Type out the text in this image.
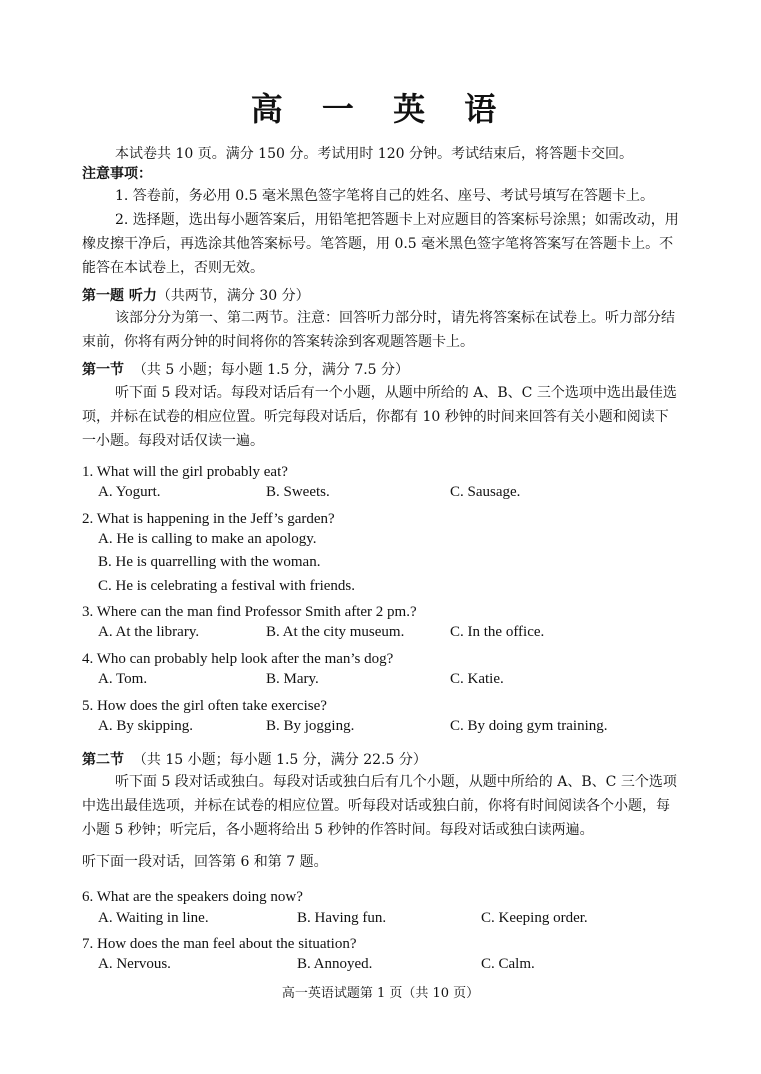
高 一 英 语
本试卷共 10 页。满分 150 分。考试用时 120 分钟。考试结束后，将答题卡交回。
注意事项：
1. 答卷前，务必用 0.5 毫米黑色签字笔将自己的姓名、座号、考试号填写在答题卡上。
2. 选择题，选出每小题答案后，用铅笔把答题卡上对应题目的答案标号涂黑；如需改动，用橡皮擦干净后，再选涂其他答案标号。笔答题，用 0.5 毫米黑色签字笔将答案写在答题卡上。不能答在本试卷上，否则无效。
第一题 听力（共两节，满分 30 分）
该部分分为第一、第二两节。注意：回答听力部分时，请先将答案标在试卷上。听力部分结束前，你将有两分钟的时间将你的答案转涂到客观题答题卡上。
第一节 （共 5 小题；每小题 1.5 分，满分 7.5 分）
听下面 5 段对话。每段对话后有一个小题，从题中所给的 A、B、C 三个选项中选出最佳选项，并标在试卷的相应位置。听完每段对话后，你都有 10 秒钟的时间来回答有关小题和阅读下一小题。每段对话仅读一遍。
1. What will the girl probably eat?
A. Yogurt.	B. Sweets.	C. Sausage.
2. What is happening in the Jeff’s garden?
A. He is calling to make an apology.
B. He is quarrelling with the woman.
C. He is celebrating a festival with friends.
3. Where can the man find Professor Smith after 2 pm.?
A. At the library.	B. At the city museum.	C. In the office.
4. Who can probably help look after the man’s dog?
A. Tom.	B. Mary.	C. Katie.
5. How does the girl often take exercise?
A. By skipping.	B. By jogging.	C. By doing gym training.
第二节 （共 15 小题；每小题 1.5 分，满分 22.5 分）
听下面 5 段对话或独白。每段对话或独白后有几个小题，从题中所给的 A、B、C 三个选项中选出最佳选项，并标在试卷的相应位置。听每段对话或独白前，你将有时间阅读各个小题，每小题 5 秒钟；听完后，各小题将给出 5 秒钟的作答时间。每段对话或独白读两遍。
听下面一段对话，回答第 6 和第 7 题。
6. What are the speakers doing now?
A. Waiting in line.	B. Having fun.	C. Keeping order.
7. How does the man feel about the situation?
A. Nervous.	B. Annoyed.	C. Calm.
高一英语试题第 1 页（共 10 页）
